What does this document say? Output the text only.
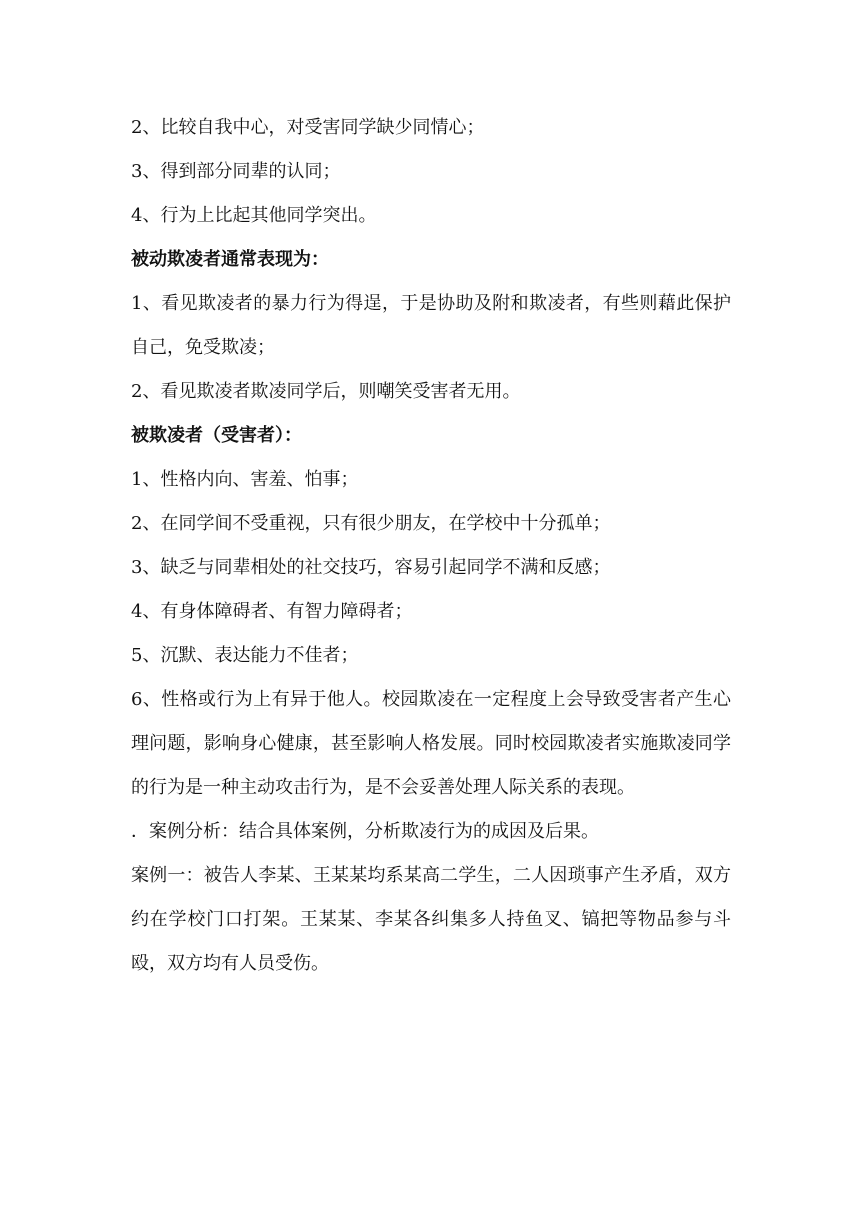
2、比较自我中心，对受害同学缺少同情心；

3、得到部分同辈的认同；

4、行为上比起其他同学突出。

被动欺凌者通常表现为：

1、看见欺凌者的暴力行为得逞，于是协助及附和欺凌者，有些则藉此保护自己，免受欺凌；

2、看见欺凌者欺凌同学后，则嘲笑受害者无用。

被欺凌者（受害者）：

1、性格内向、害羞、怕事；

2、在同学间不受重视，只有很少朋友，在学校中十分孤单；

3、缺乏与同辈相处的社交技巧，容易引起同学不满和反感；

4、有身体障碍者、有智力障碍者；

5、沉默、表达能力不佳者；

6、性格或行为上有异于他人。校园欺凌在一定程度上会导致受害者产生心理问题，影响身心健康，甚至影响人格发展。同时校园欺凌者实施欺凌同学的行为是一种主动攻击行为，是不会妥善处理人际关系的表现。

．案例分析：结合具体案例，分析欺凌行为的成因及后果。

案例一：被告人李某、王某某均系某高二学生，二人因琐事产生矛盾，双方约在学校门口打架。王某某、李某各纠集多人持鱼叉、镐把等物品参与斗殴，双方均有人员受伤。
